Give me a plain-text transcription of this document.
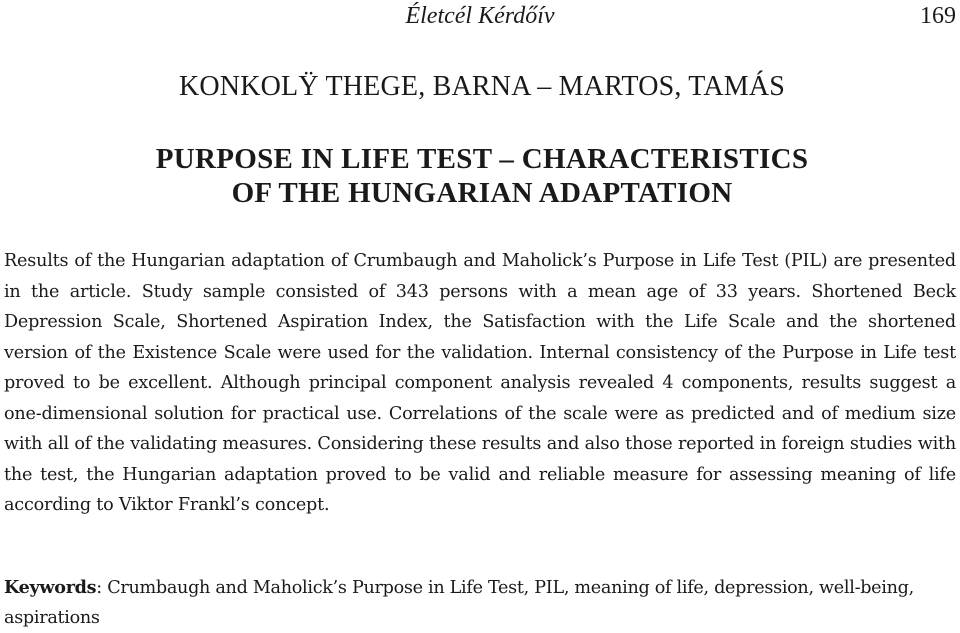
Életcél Kérdőív	169
KONKOLŸ THEGE, BARNA – MARTOS, TAMÁS
PURPOSE IN LIFE TEST – CHARACTERISTICS
OF THE HUNGARIAN ADAPTATION

Results of the Hungarian adaptation of Crumbaugh and Maholick’s Purpose in Life Test (PIL) are presented in the article. Study sample consisted of 343 persons with a mean age of 33 years. Shortened Beck Depression Scale, Shortened Aspiration Index, the Satisfaction with the Life Scale and the shortened version of the Existence Scale were used for the validation. Internal consistency of the Purpose in Life test proved to be excellent. Although principal component analysis revealed 4 components, results suggest a one-dimensional solution for practical use. Correlations of the scale were as predicted and of medium size with all of the validating measures. Considering these results and also those reported in foreign studies with the test, the Hungarian adaptation proved to be valid and reliable measure for assessing meaning of life according to Viktor Frankl’s concept.

Keywords: Crumbaugh and Maholick’s Purpose in Life Test, PIL, meaning of life, depression, well-being, aspirations
